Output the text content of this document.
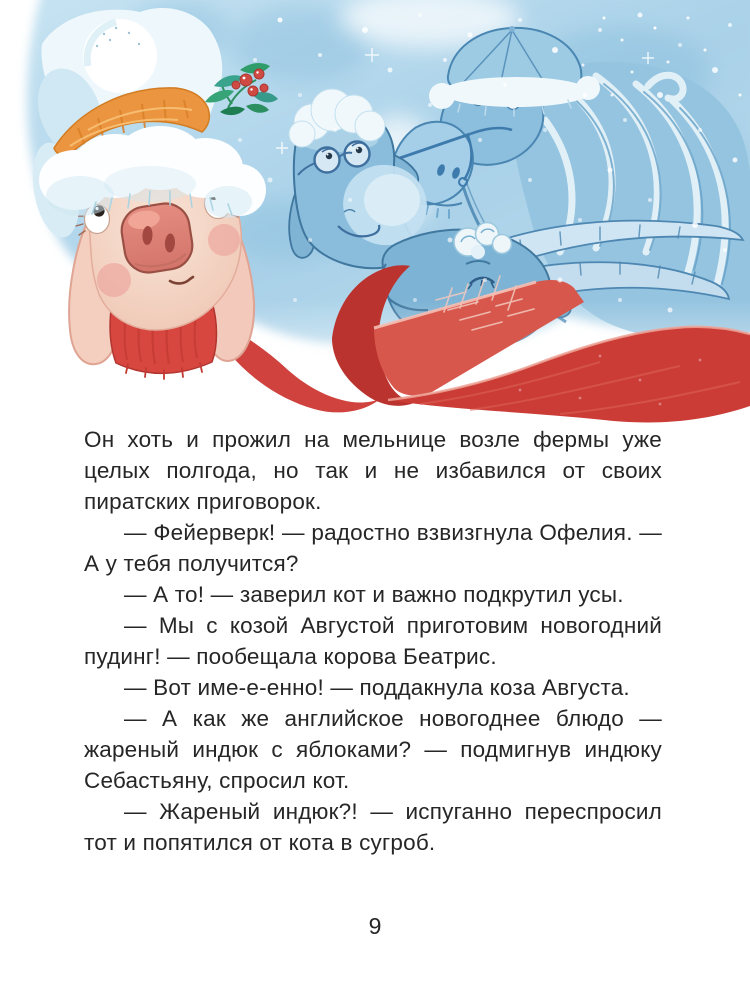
Он хоть и прожил на мельнице возле фермы уже целых полгода, но так и не избавился от своих пиратских приговорок.

— Фейерверк! — радостно взвизгнула Офелия. — А у тебя получится?

— А то! — заверил кот и важно подкрутил усы.

— Мы с козой Августой приготовим новогодний пудинг! — пообещала корова Беатрис.

— Вот име-е-енно! — поддакнула коза Августа.

— А как же английское новогоднее блюдо — жареный индюк с яблоками? — подмигнув индюку Себастьяну, спросил кот.

— Жареный индюк?! — испуганно переспросил тот и попятился от кота в сугроб.

9
